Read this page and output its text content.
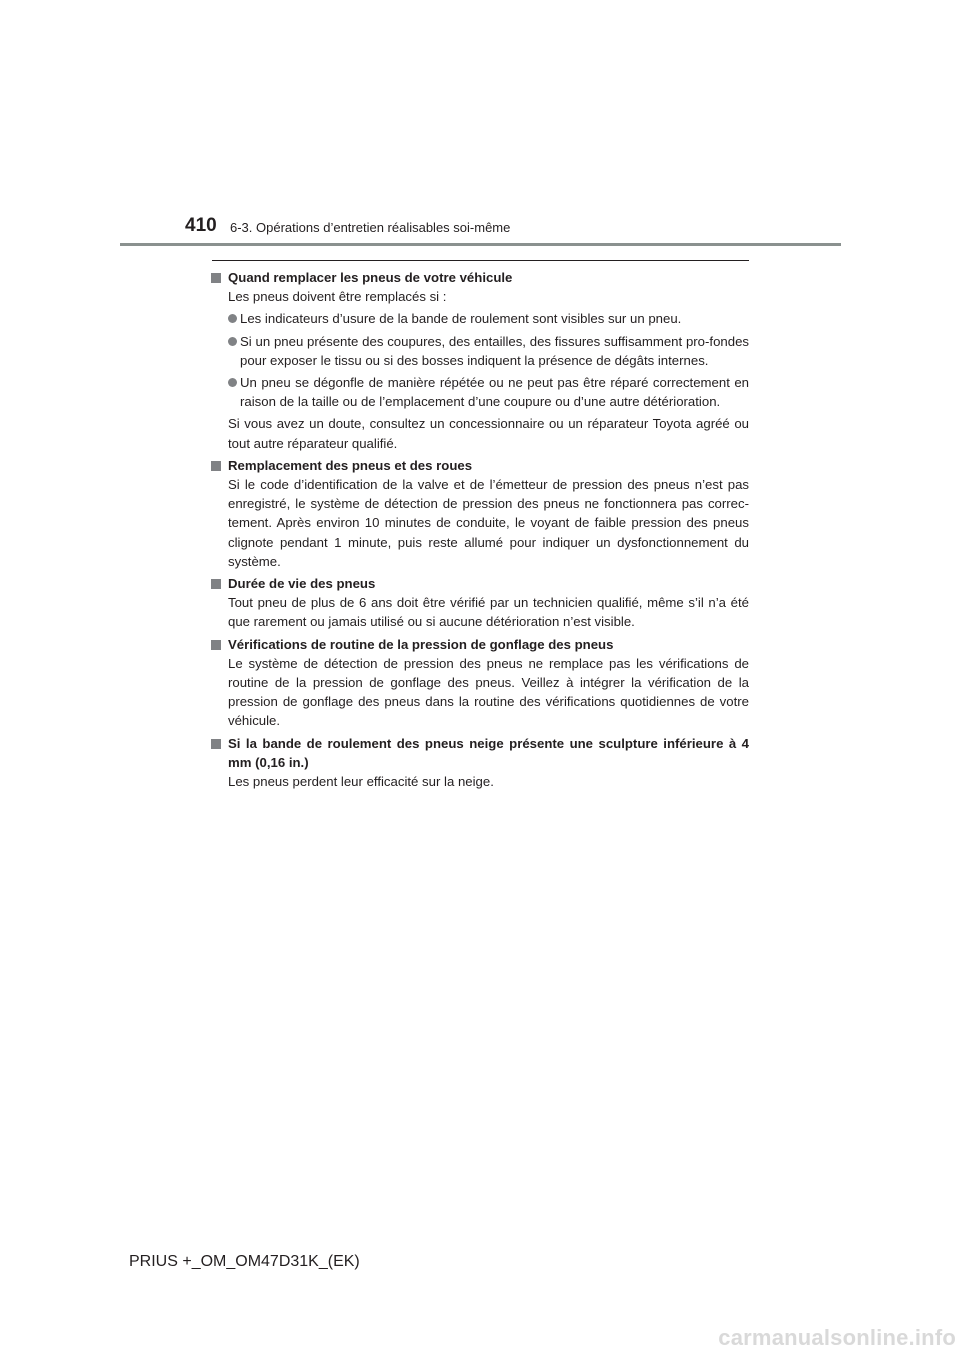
410 6-3. Opérations d’entretien réalisables soi-même
Quand remplacer les pneus de votre véhicule
Les pneus doivent être remplacés si :
Les indicateurs d’usure de la bande de roulement sont visibles sur un pneu.
Si un pneu présente des coupures, des entailles, des fissures suffisamment pro-fondes pour exposer le tissu ou si des bosses indiquent la présence de dégâts internes.
Un pneu se dégonfle de manière répétée ou ne peut pas être réparé correctement en raison de la taille ou de l’emplacement d’une coupure ou d’une autre détérioration.
Si vous avez un doute, consultez un concessionnaire ou un réparateur Toyota agréé ou tout autre réparateur qualifié.
Remplacement des pneus et des roues
Si le code d’identification de la valve et de l’émetteur de pression des pneus n’est pas enregistré, le système de détection de pression des pneus ne fonctionnera pas correc-tement. Après environ 10 minutes de conduite, le voyant de faible pression des pneus clignote pendant 1 minute, puis reste allumé pour indiquer un dysfonctionnement du système.
Durée de vie des pneus
Tout pneu de plus de 6 ans doit être vérifié par un technicien qualifié, même s’il n’a été que rarement ou jamais utilisé ou si aucune détérioration n’est visible.
Vérifications de routine de la pression de gonflage des pneus
Le système de détection de pression des pneus ne remplace pas les vérifications de routine de la pression de gonflage des pneus. Veillez à intégrer la vérification de la pression de gonflage des pneus dans la routine des vérifications quotidiennes de votre véhicule.
Si la bande de roulement des pneus neige présente une sculpture inférieure à 4 mm (0,16 in.)
Les pneus perdent leur efficacité sur la neige.
PRIUS +_OM_OM47D31K_(EK)
carmanualsonline.info
